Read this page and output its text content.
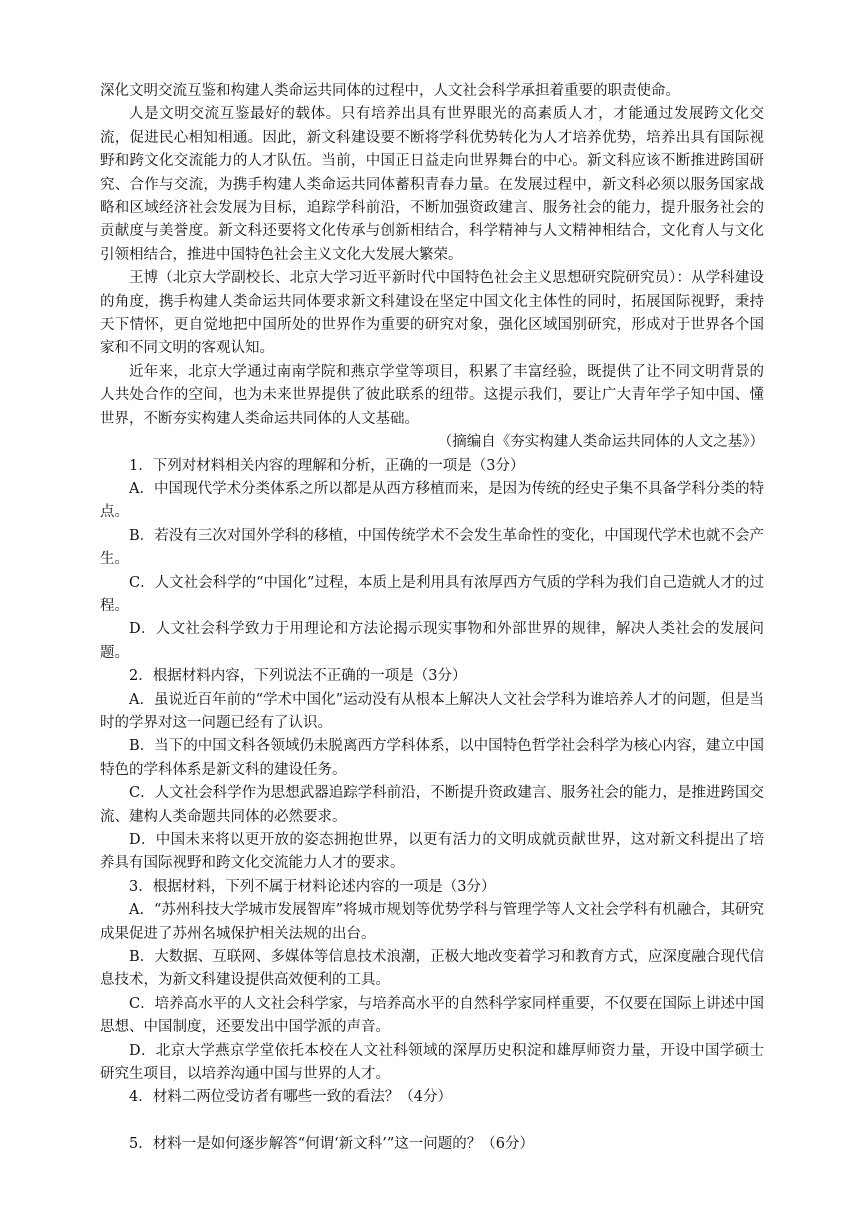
深化文明交流互鉴和构建人类命运共同体的过程中，人文社会科学承担着重要的职责使命。

人是文明交流互鉴最好的载体。只有培养出具有世界眼光的高素质人才，才能通过发展跨文化交流，促进民心相知相通。因此，新文科建设要不断将学科优势转化为人才培养优势，培养出具有国际视野和跨文化交流能力的人才队伍。当前，中国正日益走向世界舞台的中心。新文科应该不断推进跨国研究、合作与交流，为携手构建人类命运共同体蓄积青春力量。在发展过程中，新文科必须以服务国家战略和区域经济社会发展为目标，追踪学科前沿，不断加强资政建言、服务社会的能力，提升服务社会的贡献度与美誉度。新文科还要将文化传承与创新相结合，科学精神与人文精神相结合，文化育人与文化引领相结合，推进中国特色社会主义文化大发展大繁荣。

王博（北京大学副校长、北京大学习近平新时代中国特色社会主义思想研究院研究员）：从学科建设的角度，携手构建人类命运共同体要求新文科建设在坚定中国文化主体性的同时，拓展国际视野，秉持天下情怀，更自觉地把中国所处的世界作为重要的研究对象，强化区域国别研究，形成对于世界各个国家和不同文明的客观认知。

近年来，北京大学通过南南学院和燕京学堂等项目，积累了丰富经验，既提供了让不同文明背景的人共处合作的空间，也为未来世界提供了彼此联系的纽带。这提示我们，要让广大青年学子知中国、懂世界，不断夯实构建人类命运共同体的人文基础。

（摘编自《夯实构建人类命运共同体的人文之基》）

1．下列对材料相关内容的理解和分析，正确的一项是（3分）

A．中国现代学术分类体系之所以都是从西方移植而来，是因为传统的经史子集不具备学科分类的特点。

B．若没有三次对国外学科的移植，中国传统学术不会发生革命性的变化，中国现代学术也就不会产生。

C．人文社会科学的“中国化”过程，本质上是利用具有浓厚西方气质的学科为我们自己造就人才的过程。

D．人文社会科学致力于用理论和方法论揭示现实事物和外部世界的规律，解决人类社会的发展问题。

2．根据材料内容，下列说法不正确的一项是（3分）

A．虽说近百年前的“学术中国化”运动没有从根本上解决人文社会学科为谁培养人才的问题，但是当时的学界对这一问题已经有了认识。

B．当下的中国文科各领域仍未脱离西方学科体系，以中国特色哲学社会科学为核心内容，建立中国特色的学科体系是新文科的建设任务。

C．人文社会科学作为思想武器追踪学科前沿，不断提升资政建言、服务社会的能力，是推进跨国交流、建构人类命题共同体的必然要求。

D．中国未来将以更开放的姿态拥抱世界，以更有活力的文明成就贡献世界，这对新文科提出了培养具有国际视野和跨文化交流能力人才的要求。

3．根据材料，下列不属于材料论述内容的一项是（3分）

A．“苏州科技大学城市发展智库”将城市规划等优势学科与管理学等人文社会学科有机融合，其研究成果促进了苏州名城保护相关法规的出台。

B．大数据、互联网、多媒体等信息技术浪潮，正极大地改变着学习和教育方式，应深度融合现代信息技术，为新文科建设提供高效便利的工具。

C．培养高水平的人文社会科学家，与培养高水平的自然科学家同样重要，不仅要在国际上讲述中国思想、中国制度，还要发出中国学派的声音。

D．北京大学燕京学堂依托本校在人文社科领域的深厚历史积淀和雄厚师资力量，开设中国学硕士研究生项目，以培养沟通中国与世界的人才。

4．材料二两位受访者有哪些一致的看法？（4分）

5．材料一是如何逐步解答“何谓‘新文科’”这一问题的？（6分）
